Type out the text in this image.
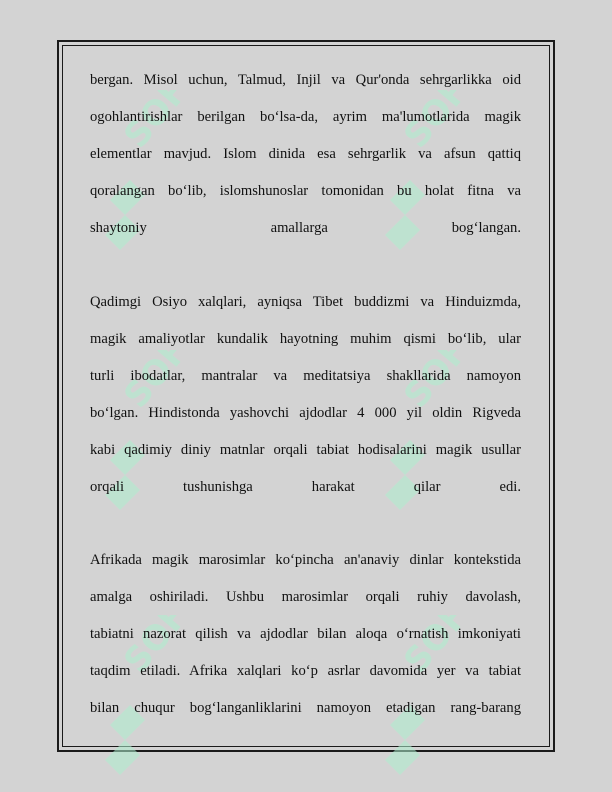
SOF	SOF
SOF	SOF
SOF	SOF

bergan. Misol uchun, Talmud, Injil va Qur'onda sehrgarlikka oid

ogohlantirishlar berilgan bo‘lsa-da, ayrim ma'lumotlarida magik

elementlar mavjud. Islom dinida esa sehrgarlik va afsun qattiq

qoralangan bo‘lib, islomshunoslar tomonidan bu holat fitna va

shaytoniy amallarga bog‘langan.

Qadimgi Osiyo xalqlari, ayniqsa Tibet buddizmi va Hinduizmda,

magik amaliyotlar kundalik hayotning muhim qismi bo‘lib, ular

turli ibodatlar, mantralar va meditatsiya shakllarida namoyon

bo‘lgan. Hindistonda yashovchi ajdodlar 4 000 yil oldin Rigveda

kabi qadimiy diniy matnlar orqali tabiat hodisalarini magik usullar

orqali tushunishga harakat qilar edi.

Afrikada magik marosimlar ko‘pincha an'anaviy dinlar kontekstida

amalga oshiriladi. Ushbu marosimlar orqali ruhiy davolash,

tabiatni nazorat qilish va ajdodlar bilan aloqa o‘rnatish imkoniyati

taqdim etiladi. Afrika xalqlari ko‘p asrlar davomida yer va tabiat

bilan chuqur bog‘langanliklarini namoyon etadigan rang-barang
